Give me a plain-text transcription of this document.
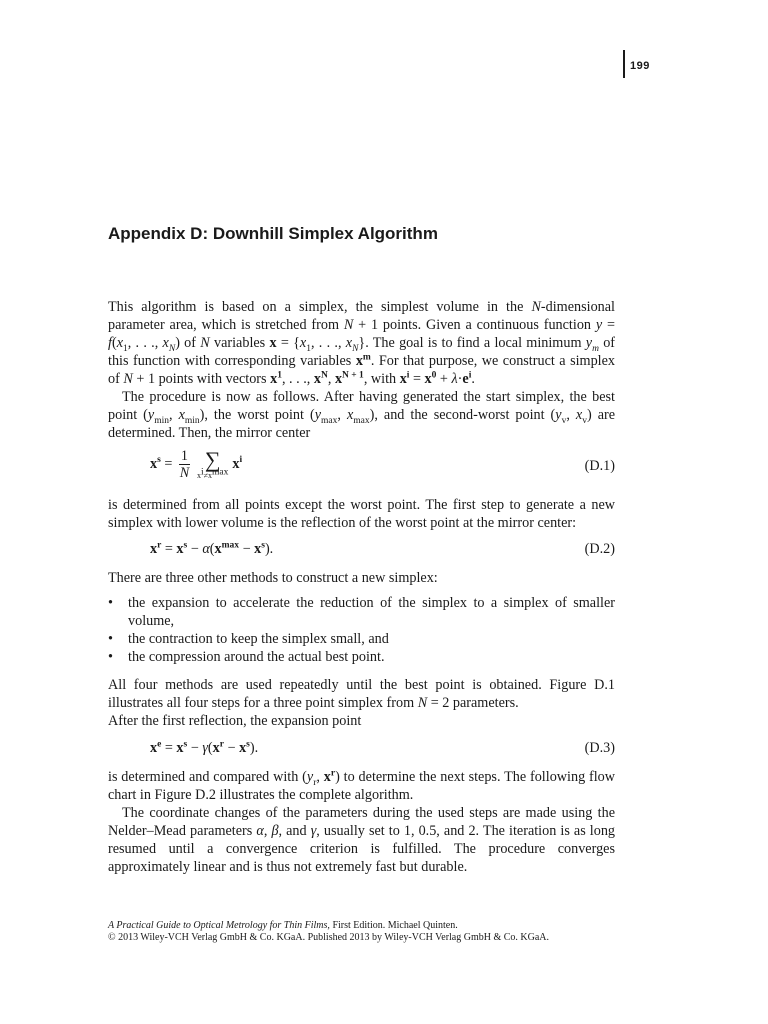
199
Appendix D: Downhill Simplex Algorithm

This algorithm is based on a simplex, the simplest volume in the N-dimensional parameter area, which is stretched from N + 1 points. Given a continuous function $y = f(x_1$, . . ., $x_N$) of N variables $x = \{x_1$, . . ., $x_N$}. The goal is to find a local minimum $y_m$ of this function with corresponding variables $x^m$. For that purpose, we construct a simplex of N + 1 points with vectors $x^1$, . . ., $x^N$, $x^{N + 1}$, with $x^i = x^0 + \lambda\cdot e^i$.

The procedure is now as follows. After having generated the start simplex, the best point ($y_{min}$, $x_{min}$), the worst point ($y_{max}$, $x_{max}$), and the second-worst point ($y_v$, $x_v$) are determined. Then, the mirror center

$x^s = \frac{1}{N}$ ∑
$x^i\ne x^{max}$
$x^i$	(D.1)

is determined from all points except the worst point. The first step to generate a new simplex with lower volume is the reflection of the worst point at the mirror center:

$x^r = x^s - \alpha(x^{max} - x^s)$.	(D.2)

There are three other methods to construct a new simplex:

• the expansion to accelerate the reduction of the simplex to a simplex of smaller volume,
• the contraction to keep the simplex small, and
• the compression around the actual best point.

All four methods are used repeatedly until the best point is obtained. Figure D.1 illustrates all four steps for a three point simplex from N = 2 parameters.

After the first reflection, the expansion point

$x^e = x^s - \gamma(x^r - x^s)$.	(D.3)

is determined and compared with ($y_r$, $x^r$) to determine the next steps. The following flow chart in Figure D.2 illustrates the complete algorithm.

The coordinate changes of the parameters during the used steps are made using the Nelder–Mead parameters α, β, and γ, usually set to 1, 0.5, and 2. The iteration is as long resumed until a convergence criterion is fulfilled. The procedure converges approximately linear and is thus not extremely fast but durable.

A Practical Guide to Optical Metrology for Thin Films, First Edition. Michael Quinten.
© 2013 Wiley-VCH Verlag GmbH & Co. KGaA. Published 2013 by Wiley-VCH Verlag GmbH & Co. KGaA.
